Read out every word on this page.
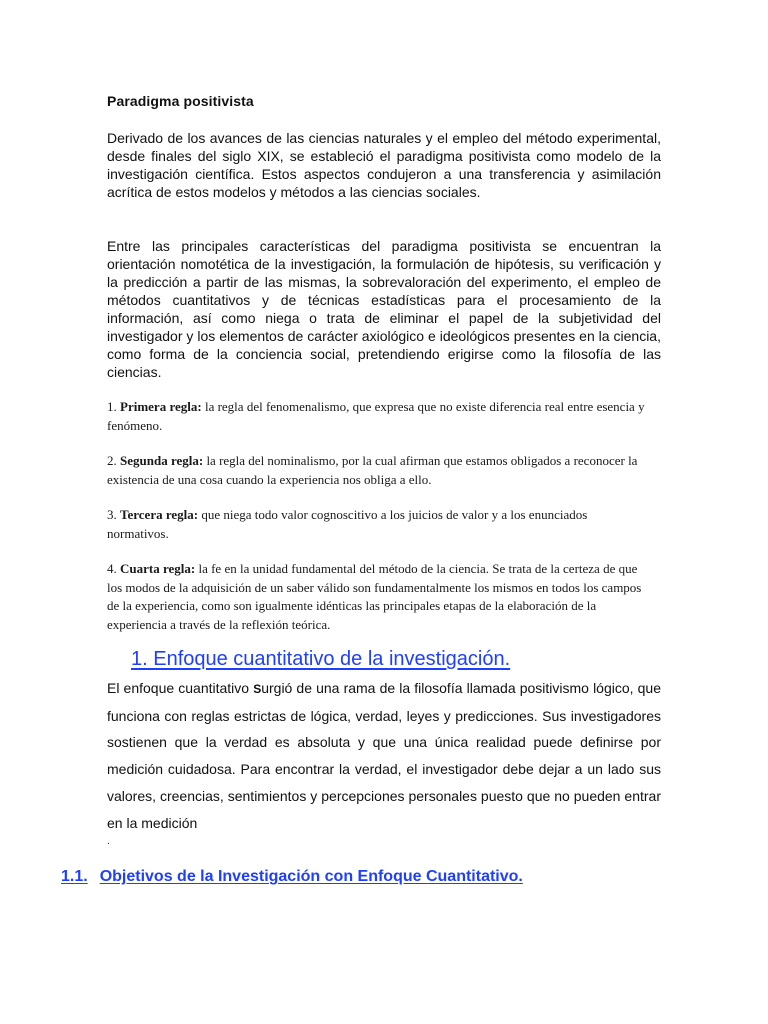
Paradigma positivista

Derivado de los avances de las ciencias naturales y el empleo del método experimental, desde finales del siglo XIX, se estableció el paradigma positivista como modelo de la investigación científica. Estos aspectos condujeron a una transferencia y asimilación acrítica de estos modelos y métodos a las ciencias sociales.

Entre las principales características del paradigma positivista se encuentran la orientación nomotética de la investigación, la formulación de hipótesis, su verificación y la predicción a partir de las mismas, la sobrevaloración del experimento, el empleo de métodos cuantitativos y de técnicas estadísticas para el procesamiento de la información, así como niega o trata de eliminar el papel de la subjetividad del investigador y los elementos de carácter axiológico e ideológicos presentes en la ciencia, como forma de la conciencia social, pretendiendo erigirse como la filosofía de las ciencias.

1. Primera regla: la regla del fenomenalismo, que expresa que no existe diferencia real entre esencia y fenómeno.

2. Segunda regla: la regla del nominalismo, por la cual afirman que estamos obligados a reconocer la existencia de una cosa cuando la experiencia nos obliga a ello.

3. Tercera regla: que niega todo valor cognoscitivo a los juicios de valor y a los enunciados normativos.

4. Cuarta regla: la fe en la unidad fundamental del método de la ciencia. Se trata de la certeza de que los modos de la adquisición de un saber válido son fundamentalmente los mismos en todos los campos de la experiencia, como son igualmente idénticas las principales etapas de la elaboración de la experiencia a través de la reflexión teórica.

1. Enfoque cuantitativo de la investigación.

El enfoque cuantitativo Surgió de una rama de la filosofía llamada positivismo lógico, que funciona con reglas estrictas de lógica, verdad, leyes y predicciones. Sus investigadores sostienen que la verdad es absoluta y que una única realidad puede definirse por medición cuidadosa. Para encontrar la verdad, el investigador debe dejar a un lado sus valores, creencias, sentimientos y percepciones personales puesto que no pueden entrar en la medición

.

1.1. Objetivos de la Investigación con Enfoque Cuantitativo.
